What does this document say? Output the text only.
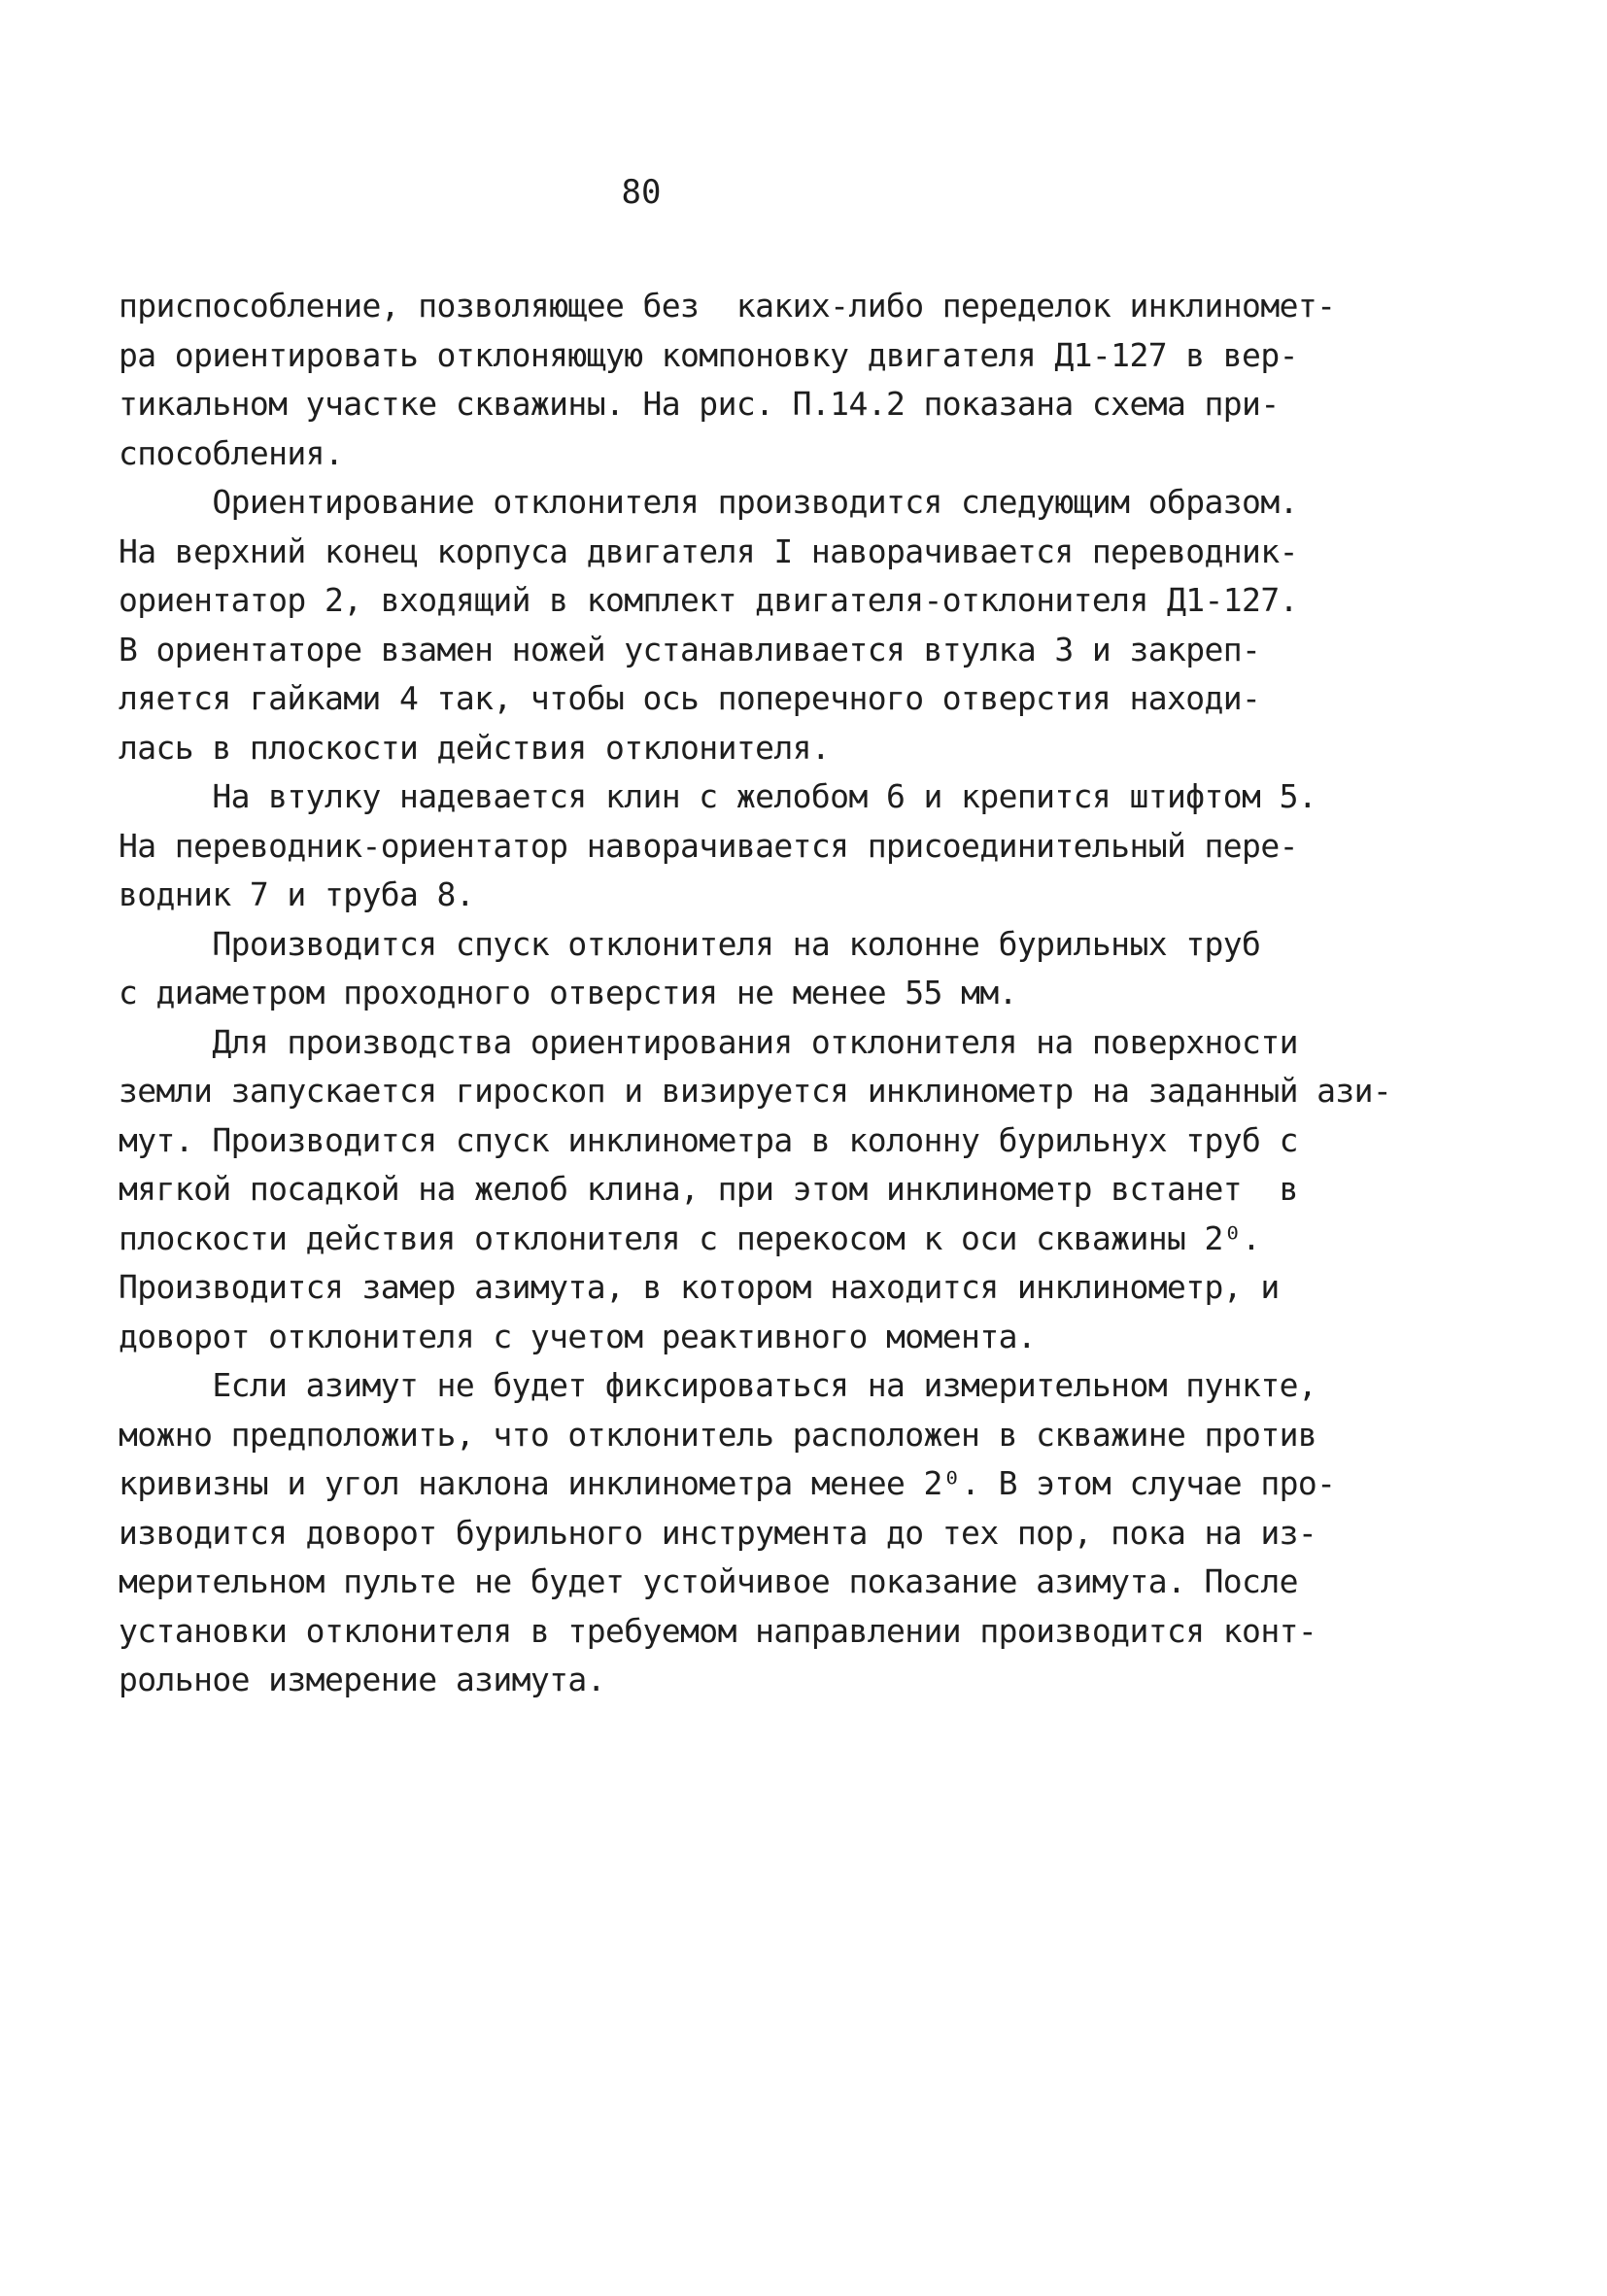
80
приспособление, позволяющее без  каких-либо переделок инклиномет-
ра ориентировать отклоняющую компоновку двигателя Д1-127 в вер-
тикальном участке скважины. На рис. П.14.2 показана схема при-
способления.
Ориентирование отклонителя производится следующим образом.
На верхний конец корпуса двигателя I наворачивается переводник-
ориентатор 2, входящий в комплект двигателя-отклонителя Д1-127.
В ориентаторе взамен ножей устанавливается втулка 3 и закреп-
ляется гайками 4 так, чтобы ось поперечного отверстия находи-
лась в плоскости действия отклонителя.
На втулку надевается клин с желобом 6 и крепится штифтом 5.
На переводник-ориентатор наворачивается присоединительный пере-
водник 7 и труба 8.
Производится спуск отклонителя на колонне бурильных труб
с диаметром проходного отверстия не менее 55 мм.
Для производства ориентирования отклонителя на поверхности
земли запускается гироскоп и визируется инклинометр на заданный ази-
мут. Производится спуск инклинометра в колонну бурильнух труб с
мягкой посадкой на желоб клина, при этом инклинометр встанет  в
плоскости действия отклонителя с перекосом к оси скважины 2⁰.
Производится замер азимута, в котором находится инклинометр, и
доворот отклонителя с учетом реактивного момента.
Если азимут не будет фиксироваться на измерительном пункте,
можно предположить, что отклонитель расположен в скважине против
кривизны и угол наклона инклинометра менее 2⁰. В этом случае про-
изводится доворот бурильного инструмента до тех пор, пока на из-
мерительном пульте не будет устойчивое показание азимута. После
установки отклонителя в требуемом направлении производится конт-
рольное измерение азимута.
